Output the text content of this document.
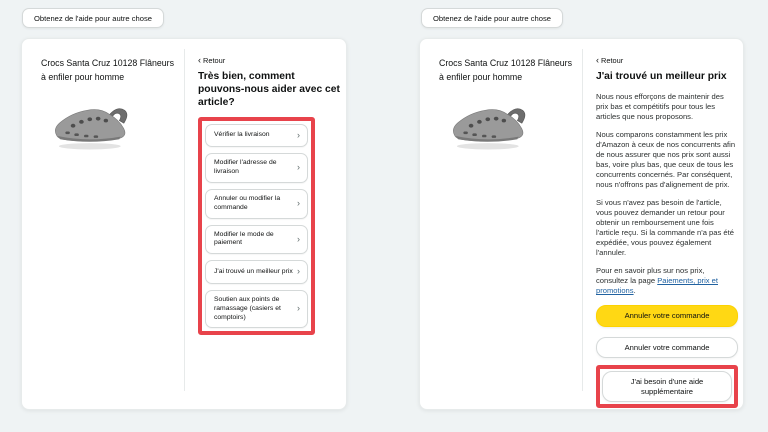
Obtenez de l'aide pour autre chose
Crocs Santa Cruz 10128 Flâneurs à enfiler pour homme
‹ Retour
Très bien, comment pouvons-nous aider avec cet article?
Vérifier la livraison	›
Modifier l'adresse de livraison	›
Annuler ou modifier la commande	›
Modifier le mode de paiement	›
J'ai trouvé un meilleur prix ›
Soutien aux points de ramassage (casiers et comptoirs)
›
Obtenez de l'aide pour autre chose
Crocs Santa Cruz 10128 Flâneurs à enfiler pour homme
‹ Retour
J'ai trouvé un meilleur prix

Nous nous efforçons de maintenir des prix bas et compétitifs pour tous les articles que nous proposons.

Nous comparons constamment les prix d'Amazon à ceux de nos concurrents afin de nous assurer que nos prix sont aussi bas, voire plus bas, que ceux de tous les concurrents concernés. Par conséquent, nous n'offrons pas d'alignement de prix.

Si vous n'avez pas besoin de l'article, vous pouvez demander un retour pour obtenir un remboursement une fois l'article reçu. Si la commande n'a pas été expédiée, vous pouvez également l'annuler.

Pour en savoir plus sur nos prix, consultez la page Paiements, prix et promotions.

Annuler votre commande
Annuler votre commande
J'ai besoin d'une aide supplémentaire
